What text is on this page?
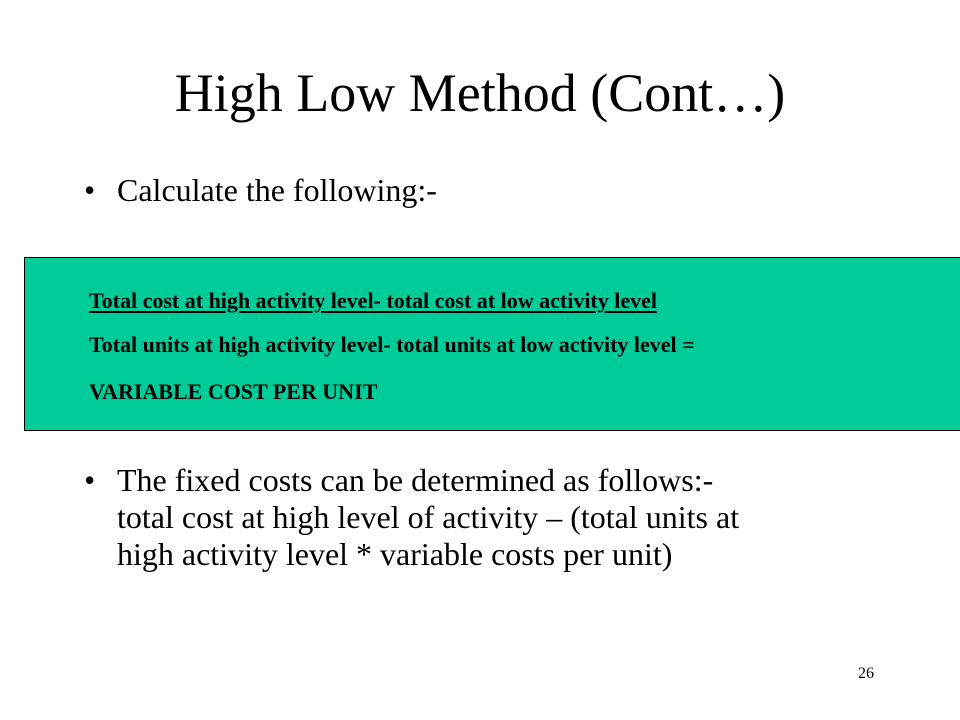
High Low Method (Cont…)
• Calculate the following:-
Total cost at high activity level- total cost at low activity level
Total units at high activity level- total units at low activity level =
VARIABLE COST PER UNIT
• The fixed costs can be determined as follows:-
total cost at high level of activity – (total units at
high activity level * variable costs per unit)
26
